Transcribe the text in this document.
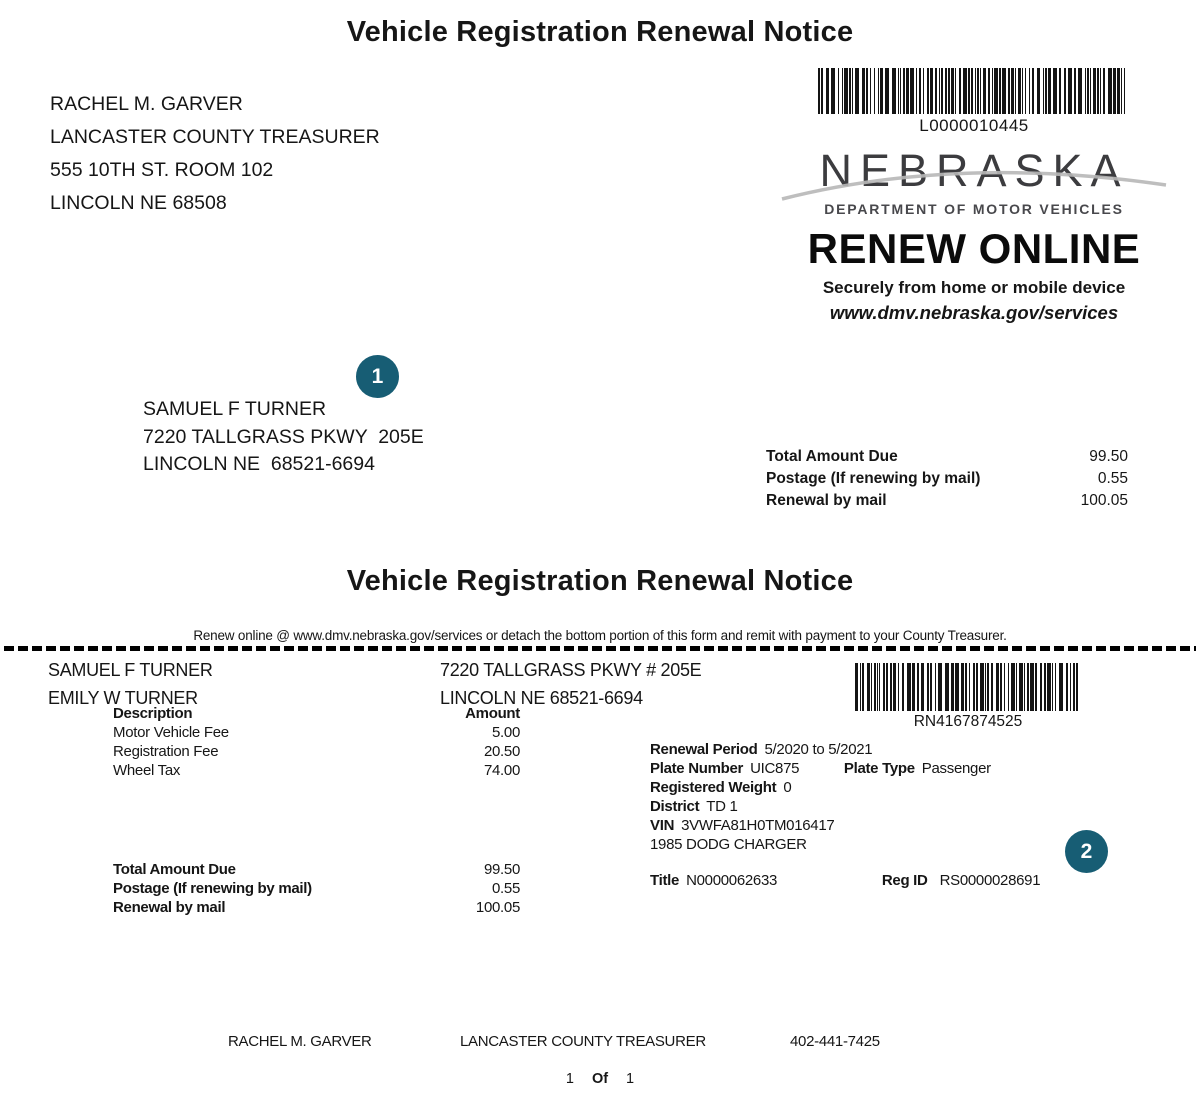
Vehicle Registration Renewal Notice
RACHEL M. GARVER
LANCASTER COUNTY TREASURER
555 10TH ST. ROOM 102
LINCOLN NE 68508
L0000010445
NEBRASKA
DEPARTMENT OF MOTOR VEHICLES
RENEW ONLINE
Securely from home or mobile device
www.dmv.nebraska.gov/services
1
SAMUEL F TURNER
7220 TALLGRASS PKWY  205E
LINCOLN NE  68521-6694	Total Amount Due	99.50
Postage (If renewing by mail)	0.55
Renewal by mail	100.05
Vehicle Registration Renewal Notice
Renew online @ www.dmv.nebraska.gov/services or detach the bottom portion of this form and remit with payment to your County Treasurer.
SAMUEL F TURNER
EMILY W TURNER
7220 TALLGRASS PKWY # 205E
LINCOLN NE 68521-6694
RN4167874525
Description	Amount
Motor Vehicle Fee	5.00
Registration Fee	20.50
Wheel Tax	74.00
Renewal Period 5/2020 to 5/2021
Plate Number UIC875	Plate Type Passenger
Registered Weight 0
District TD 1
VIN 3VWFA81H0TM016417
1985 DODG CHARGER
Title N0000062633	Reg ID RS0000028691
Total Amount Due	99.50
Postage (If renewing by mail)	0.55
Renewal by mail	100.05
2
RACHEL M. GARVER	LANCASTER COUNTY TREASURER	402-441-7425
1 Of 1
